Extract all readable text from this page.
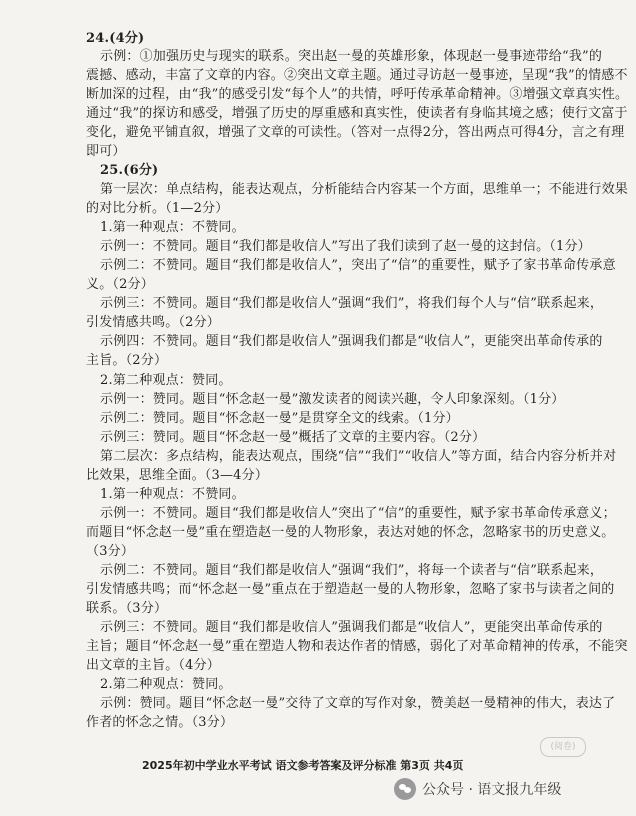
24.(4分)
示例：①加强历史与现实的联系。突出赵一曼的英雄形象，体现赵一曼事迹带给“我”的
震撼、感动，丰富了文章的内容。②突出文章主题。通过寻访赵一曼事迹，呈现“我”的情感不
断加深的过程，由“我”的感受引发“每个人”的共情，呼吁传承革命精神。③增强文章真实性。
通过“我”的探访和感受，增强了历史的厚重感和真实性，使读者有身临其境之感；使行文富于
变化，避免平铺直叙，增强了文章的可读性。（答对一点得2分，答出两点可得4分，言之有理
即可）
25.(6分)
第一层次：单点结构，能表达观点，分析能结合内容某一个方面，思维单一；不能进行效果
的对比分析。（1—2分）
1.第一种观点：不赞同。
示例一：不赞同。题目“我们都是收信人”写出了我们读到了赵一曼的这封信。（1分）
示例二：不赞同。题目“我们都是收信人”，突出了“信”的重要性，赋予了家书革命传承意
义。（2分）
示例三：不赞同。题目“我们都是收信人”强调“我们”，将我们每个人与“信”联系起来，
引发情感共鸣。（2分）
示例四：不赞同。题目“我们都是收信人”强调我们都是“收信人”，更能突出革命传承的
主旨。（2分）
2.第二种观点：赞同。
示例一：赞同。题目“怀念赵一曼”激发读者的阅读兴趣，令人印象深刻。（1分）
示例二：赞同。题目“怀念赵一曼”是贯穿全文的线索。（1分）
示例三：赞同。题目“怀念赵一曼”概括了文章的主要内容。（2分）
第二层次：多点结构，能表达观点，围绕“信”“我们”“收信人”等方面，结合内容分析并对
比效果，思维全面。（3—4分）
1.第一种观点：不赞同。
示例一：不赞同。题目“我们都是收信人”突出了“信”的重要性，赋予家书革命传承意义；
而题目“怀念赵一曼”重在塑造赵一曼的人物形象，表达对她的怀念，忽略家书的历史意义。
（3分）
示例二：不赞同。题目“我们都是收信人”强调“我们”，将每一个读者与“信”联系起来，
引发情感共鸣；而“怀念赵一曼”重点在于塑造赵一曼的人物形象，忽略了家书与读者之间的
联系。（3分）
示例三：不赞同。题目“我们都是收信人”强调我们都是“收信人”，更能突出革命传承的
主旨；题目“怀念赵一曼”重在塑造人物和表达作者的情感，弱化了对革命精神的传承，不能突
出文章的主旨。（4分）
2.第二种观点：赞同。
示例：赞同。题目“怀念赵一曼”交待了文章的写作对象，赞美赵一曼精神的伟大，表达了
作者的怀念之情。（3分）
(阅卷)
2025年初中学业水平考试 语文参考答案及评分标准 第3页 共4页
公众号 · 语文报九年级
